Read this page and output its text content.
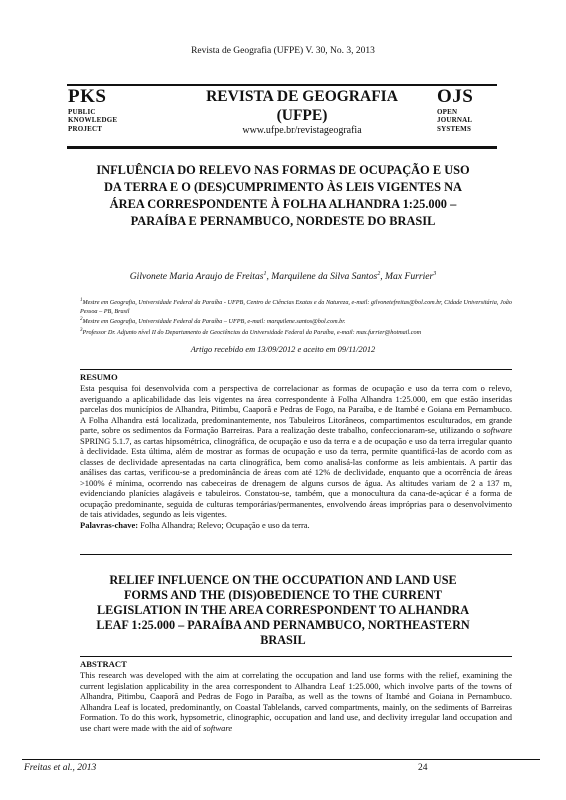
Revista de Geografia (UFPE) V. 30, No. 3, 2013
PKS
PUBLIC
KNOWLEDGE
PROJECT
REVISTA DE GEOGRAFIA
(UFPE)
www.ufpe.br/revistageografia
OJS
OPEN
JOURNAL
SYSTEMS
INFLUÊNCIA DO RELEVO NAS FORMAS DE OCUPAÇÃO E USO DA TERRA E O (DES)CUMPRIMENTO ÀS LEIS VIGENTES NA ÁREA CORRESPONDENTE À FOLHA ALHANDRA 1:25.000 – PARAÍBA E PERNAMBUCO, NORDESTE DO BRASIL
Gilvonete Maria Araujo de Freitas$^1$, Marquilene da Silva Santos$^2$, Max Furrier$^3$
$^1$Mestre em Geografia, Universidade Federal da Paraíba - UFPB, Centro de Ciências Exatas e da Natureza, e-mail: gilvonetefreitas@bol.com.br, Cidade Universitária, João Pessoa – PB, Brasil
$^2$Mestre em Geografia, Universidade Federal da Paraíba – UFPB, e-mail: marquilene.santos@bol.com.br.
$^3$Professor Dr. Adjunto nível II do Departamento de Geociências da Universidade Federal da Paraíba, e-mail: max.furrier@hotmail.com
Artigo recebido em 13/09/2012 e aceito em 09/11/2012
RESUMO
Esta pesquisa foi desenvolvida com a perspectiva de correlacionar as formas de ocupação e uso da terra com o relevo, averiguando a aplicabilidade das leis vigentes na área correspondente à Folha Alhandra 1:25.000, em que estão inseridas parcelas dos municípios de Alhandra, Pitimbu, Caaporã e Pedras de Fogo, na Paraíba, e de Itambé e Goiana em Pernambuco. A Folha Alhandra está localizada, predominantemente, nos Tabuleiros Litorâneos, compartimentos esculturados, em grande parte, sobre os sedimentos da Formação Barreiras. Para a realização deste trabalho, confeccionaram-se, utilizando o software SPRING 5.1.7, as cartas hipsométrica, clinográfica, de ocupação e uso da terra e a de ocupação e uso da terra irregular quanto à declividade. Esta última, além de mostrar as formas de ocupação e uso da terra, permite quantificá-las de acordo com as classes de declividade apresentadas na carta clinográfica, bem como analisá-las conforme as leis ambientais. A partir das análises das cartas, verificou-se a predominância de áreas com até 12% de declividade, enquanto que a ocorrência de áreas >100% é mínima, ocorrendo nas cabeceiras de drenagem de alguns cursos de água. As altitudes variam de 2 a 137 m, evidenciando planícies alagáveis e tabuleiros. Constatou-se, também, que a monocultura da cana-de-açúcar é a forma de ocupação predominante, seguida de culturas temporárias/permanentes, envolvendo áreas impróprias para o desenvolvimento de tais atividades, segundo as leis vigentes.
Palavras-chave: Folha Alhandra; Relevo; Ocupação e uso da terra.
RELIEF INFLUENCE ON THE OCCUPATION AND LAND USE FORMS AND THE (DIS)OBEDIENCE TO THE CURRENT LEGISLATION IN THE AREA CORRESPONDENT TO ALHANDRA LEAF 1:25.000 – PARAÍBA AND PERNAMBUCO, NORTHEASTERN BRASIL
ABSTRACT
This research was developed with the aim at correlating the occupation and land use forms with the relief, examining the current legislation applicability in the area correspondent to Alhandra Leaf 1:25.000, which involve parts of the towns of Alhandra, Pitimbu, Caaporã and Pedras de Fogo in Paraíba, as well as the towns of Itambé and Goiana in Pernambuco. Alhandra Leaf is located, predominantly, on Coastal Tablelands, carved compartments, mainly, on the sediments of Barreiras Formation. To do this work, hypsometric, clinographic, occupation and land use, and declivity irregular land occupation and use chart were made with the aid of software
Freitas et al., 2013	24
